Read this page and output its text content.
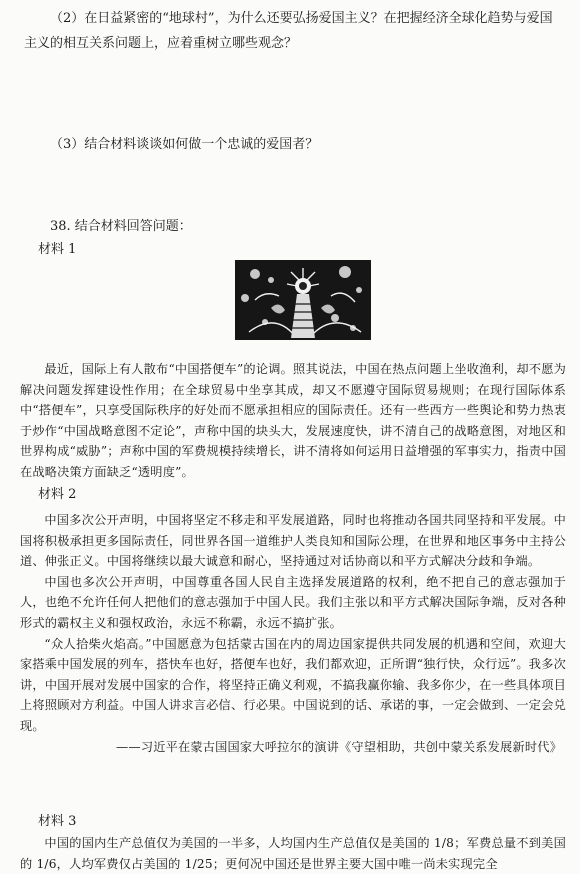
（2）在日益紧密的“地球村”，为什么还要弘扬爱国主义？在把握经济全球化趋势与爱国

主义的相互关系问题上，应着重树立哪些观念？

（3）结合材料谈谈如何做一个忠诚的爱国者？

38. 结合材料回答问题：

材料 1

最近，国际上有人散布“中国搭便车”的论调。照其说法，中国在热点问题上坐收渔利，却不愿为解决问题发挥建设性作用；在全球贸易中坐享其成，却又不愿遵守国际贸易规则；在现行国际体系中“搭便车”，只享受国际秩序的好处而不愿承担相应的国际责任。还有一些西方一些舆论和势力热衷于炒作“中国战略意图不定论”，声称中国的块头大，发展速度快，讲不清自己的战略意图，对地区和世界构成“威胁”；声称中国的军费规模持续增长，讲不清将如何运用日益增强的军事实力，指责中国在战略决策方面缺乏“透明度”。

材料 2

中国多次公开声明，中国将坚定不移走和平发展道路，同时也将推动各国共同坚持和平发展。中国将积极承担更多国际责任，同世界各国一道维护人类良知和国际公理，在世界和地区事务中主持公道、伸张正义。中国将继续以最大诚意和耐心，坚持通过对话协商以和平方式解决分歧和争端。

中国也多次公开声明，中国尊重各国人民自主选择发展道路的权利，绝不把自己的意志强加于人，也绝不允许任何人把他们的意志强加于中国人民。我们主张以和平方式解决国际争端，反对各种形式的霸权主义和强权政治，永远不称霸，永远不搞扩张。

“众人拾柴火焰高。”中国愿意为包括蒙古国在内的周边国家提供共同发展的机遇和空间，欢迎大家搭乘中国发展的列车，搭快车也好，搭便车也好，我们都欢迎，正所谓“独行快，众行远”。我多次讲，中国开展对发展中国家的合作，将坚持正确义利观，不搞我赢你输、我多你少，在一些具体项目上将照顾对方利益。中国人讲求言必信、行必果。中国说到的话、承诺的事，一定会做到、一定会兑现。

——习近平在蒙古国国家大呼拉尔的演讲《守望相助，共创中蒙关系发展新时代》

材料 3

中国的国内生产总值仅为美国的一半多，人均国内生产总值仅是美国的 1/8；军费总量不到美国的 1/6，人均军费仅占美国的 1/25；更何况中国还是世界主要大国中唯一尚未实现完全
